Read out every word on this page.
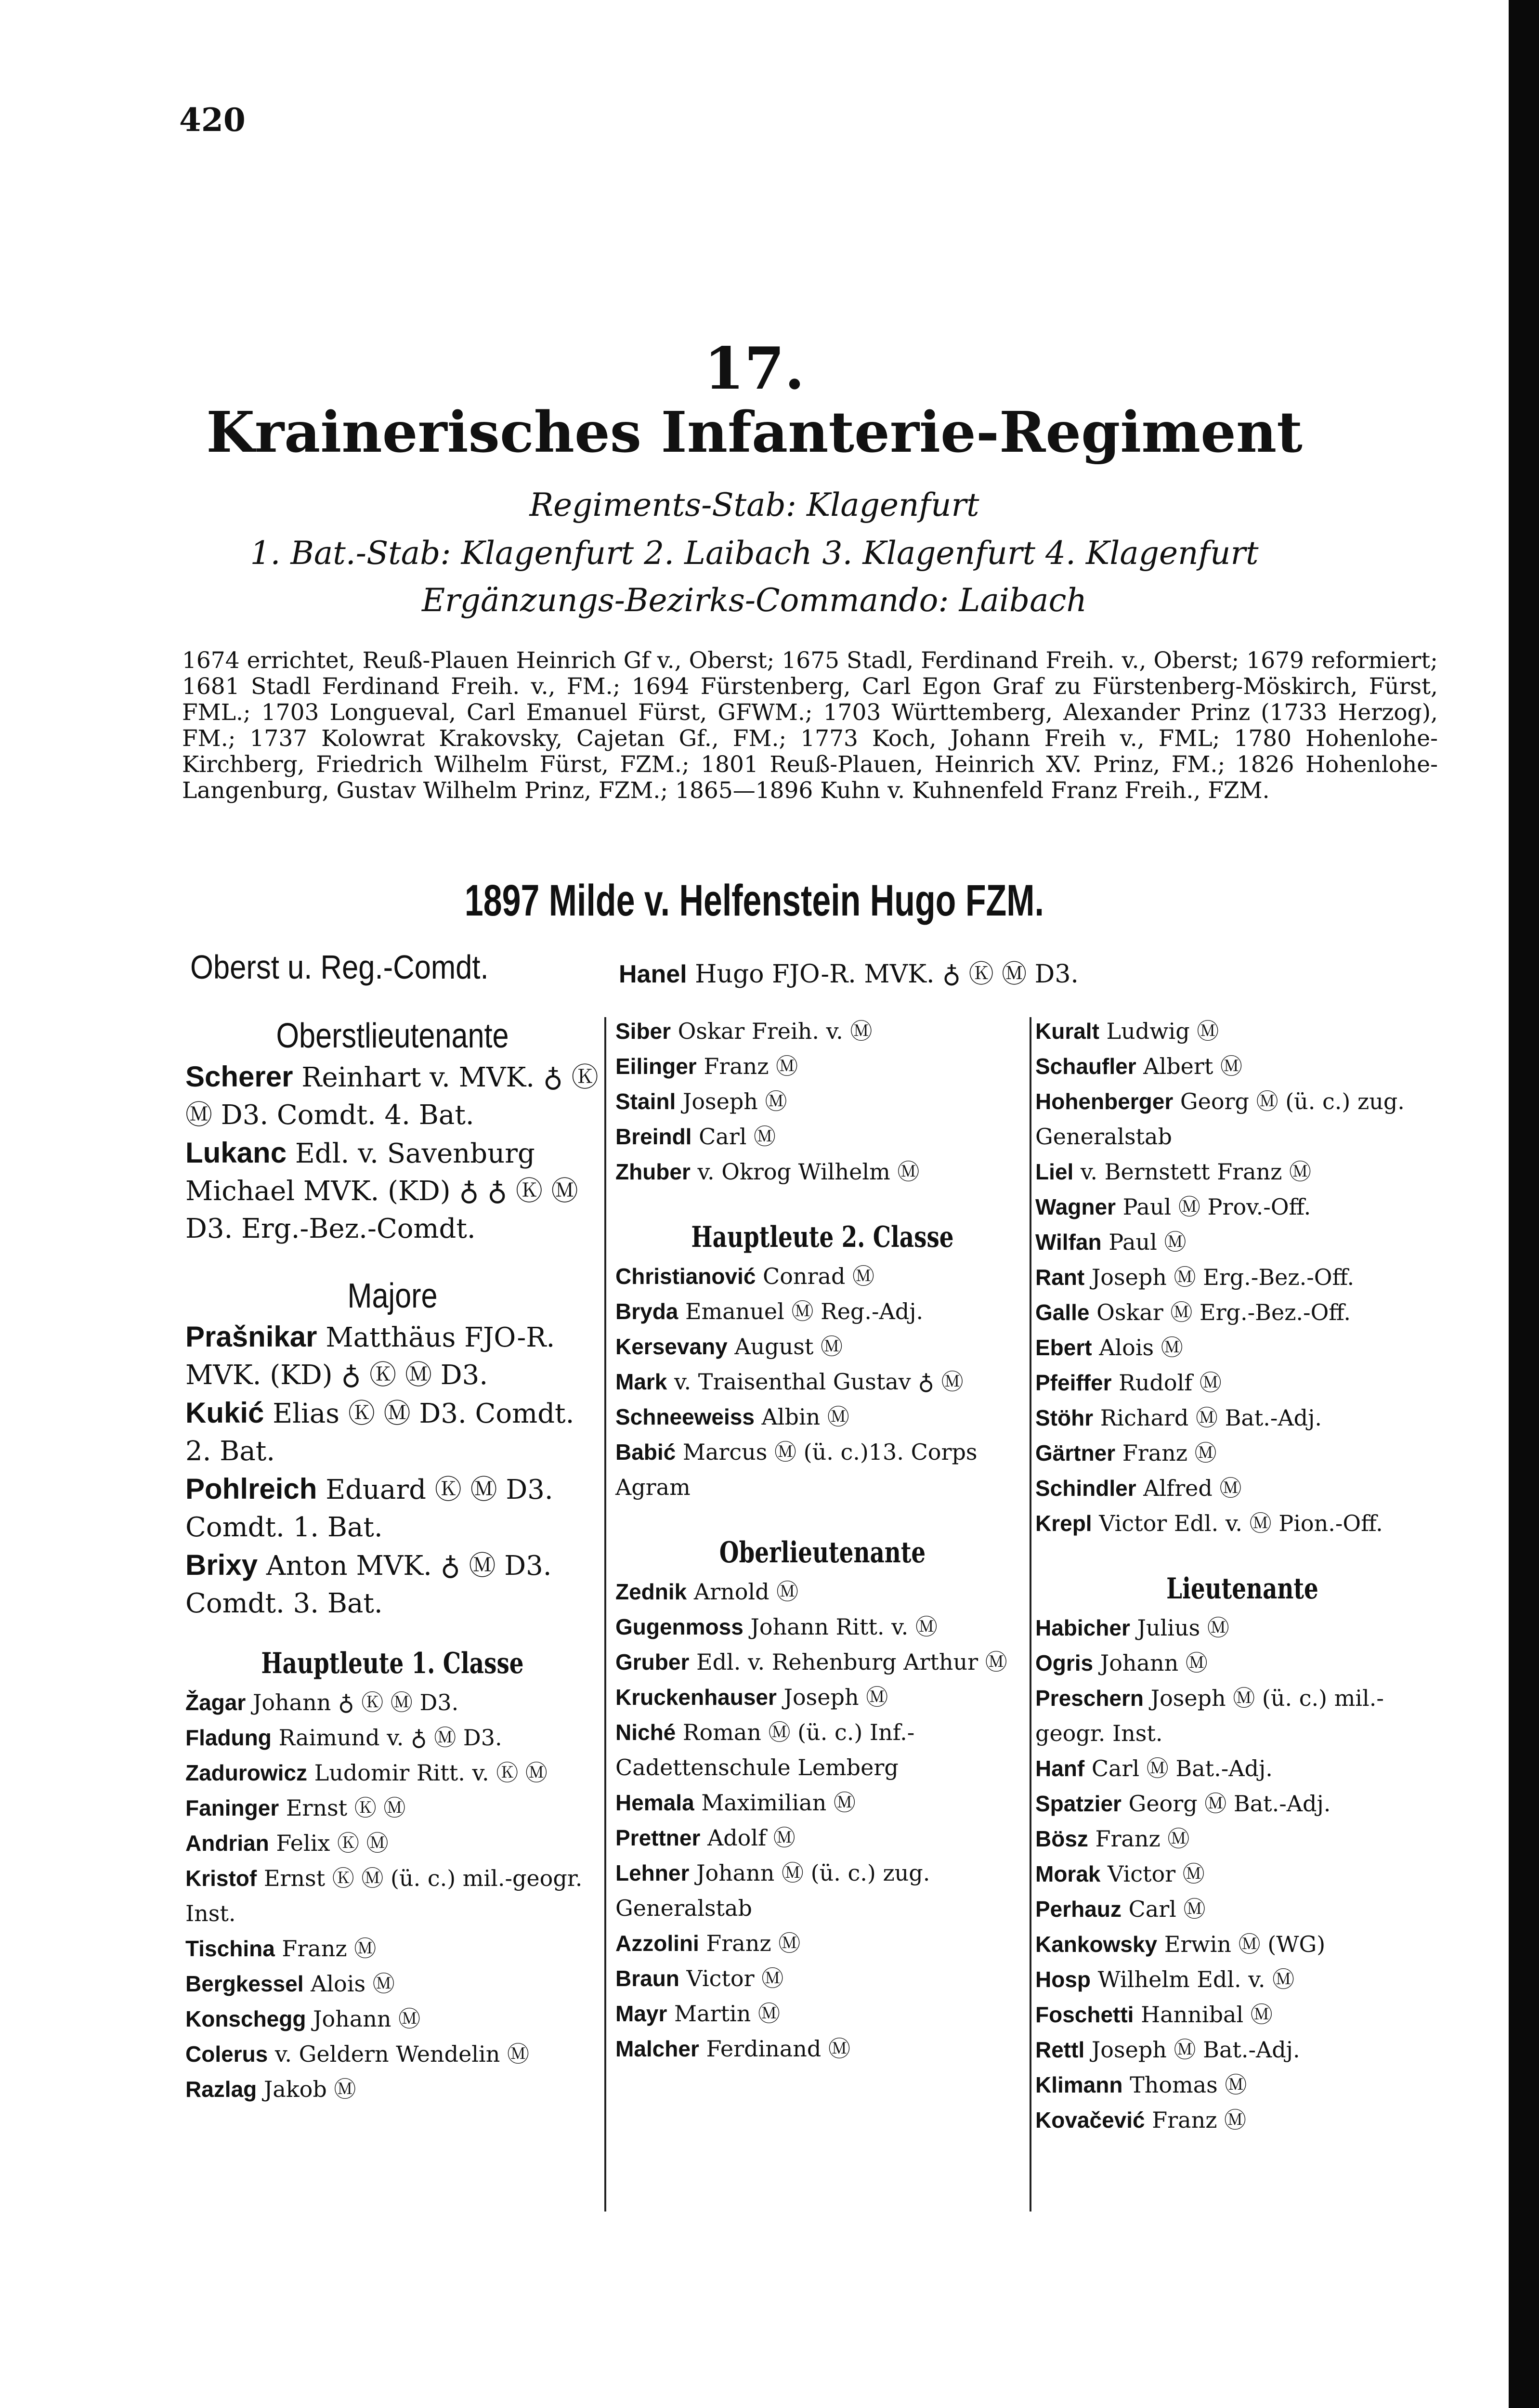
420
17.
Krainerisches Infanterie-Regiment
Regiments-Stab: Klagenfurt
1. Bat.-Stab: Klagenfurt 2. Laibach 3. Klagenfurt 4. Klagenfurt
Ergänzungs-Bezirks-Commando: Laibach
1674 errichtet, Reuß-Plauen Heinrich Gf v., Oberst; 1675 Stadl, Ferdinand Freih. v., Oberst; 1679 reformiert; 1681 Stadl Ferdinand Freih. v., FM.; 1694 Fürstenberg, Carl Egon Graf zu Fürstenberg-Möskirch, Fürst, FML.; 1703 Longueval, Carl Emanuel Fürst, GFWM.; 1703 Württemberg, Alexander Prinz (1733 Herzog), FM.; 1737 Kolowrat Krakovsky, Cajetan Gf., FM.; 1773 Koch, Johann Freih v., FML; 1780 Hohenlohe-Kirchberg, Friedrich Wilhelm Fürst, FZM.; 1801 Reuß-Plauen, Heinrich XV. Prinz, FM.; 1826 Hohenlohe-Langenburg, Gustav Wilhelm Prinz, FZM.; 1865—1896 Kuhn v. Kuhnenfeld Franz Freih., FZM.
1897 Milde v. Helfenstein Hugo FZM.
Oberst u. Reg.-Comdt.	Hanel Hugo FJO-R. MVK. ♁ Ⓚ Ⓜ D3.
Oberstlieutenante
Scherer Reinhart v. MVK. ♁ Ⓚ Ⓜ D3. Comdt. 4. Bat.
Lukanc Edl. v. Savenburg Michael MVK. (KD) ♁ ♁ Ⓚ Ⓜ D3. Erg.-Bez.-Comdt.
Majore
Prašnikar Matthäus FJO-R. MVK. (KD) ♁ Ⓚ Ⓜ D3.
Kukić Elias Ⓚ Ⓜ D3. Comdt. 2. Bat.
Pohlreich Eduard Ⓚ Ⓜ D3. Comdt. 1. Bat.
Brixy Anton MVK. ♁ Ⓜ D3. Comdt. 3. Bat.
Hauptleute 1. Classe
Žagar Johann ♁ Ⓚ Ⓜ D3.
Fladung Raimund v. ♁ Ⓜ D3.
Zadurowicz Ludomir Ritt. v. Ⓚ Ⓜ
Faninger Ernst Ⓚ Ⓜ
Andrian Felix Ⓚ Ⓜ
Kristof Ernst Ⓚ Ⓜ (ü. c.) mil.-geogr. Inst.
Tischina Franz Ⓜ
Bergkessel Alois Ⓜ
Konschegg Johann Ⓜ
Colerus v. Geldern Wendelin Ⓜ
Razlag Jakob Ⓜ
Siber Oskar Freih. v. Ⓜ
Eilinger Franz Ⓜ
Stainl Joseph Ⓜ
Breindl Carl Ⓜ
Zhuber v. Okrog Wilhelm Ⓜ
Hauptleute 2. Classe
Christianović Conrad Ⓜ
Bryda Emanuel Ⓜ Reg.-Adj.
Kersevany August Ⓜ
Mark v. Traisenthal Gustav ♁ Ⓜ
Schneeweiss Albin Ⓜ
Babić Marcus Ⓜ (ü. c.)13. Corps Agram
Oberlieutenante
Zednik Arnold Ⓜ
Gugenmoss Johann Ritt. v. Ⓜ
Gruber Edl. v. Rehenburg Arthur Ⓜ
Kruckenhauser Joseph Ⓜ
Niché Roman Ⓜ (ü. c.) Inf.-Cadettenschule Lemberg
Hemala Maximilian Ⓜ
Prettner Adolf Ⓜ
Lehner Johann Ⓜ (ü. c.) zug. Generalstab
Azzolini Franz Ⓜ
Braun Victor Ⓜ
Mayr Martin Ⓜ
Malcher Ferdinand Ⓜ
Kuralt Ludwig Ⓜ
Schaufler Albert Ⓜ
Hohenberger Georg Ⓜ (ü. c.) zug. Generalstab
Liel v. Bernstett Franz Ⓜ
Wagner Paul Ⓜ Prov.-Off.
Wilfan Paul Ⓜ
Rant Joseph Ⓜ Erg.-Bez.-Off.
Galle Oskar Ⓜ Erg.-Bez.-Off.
Ebert Alois Ⓜ
Pfeiffer Rudolf Ⓜ
Stöhr Richard Ⓜ Bat.-Adj.
Gärtner Franz Ⓜ
Schindler Alfred Ⓜ
Krepl Victor Edl. v. Ⓜ Pion.-Off.
Lieutenante
Habicher Julius Ⓜ
Ogris Johann Ⓜ
Preschern Joseph Ⓜ (ü. c.) mil.-geogr. Inst.
Hanf Carl Ⓜ Bat.-Adj.
Spatzier Georg Ⓜ Bat.-Adj.
Bösz Franz Ⓜ
Morak Victor Ⓜ
Perhauz Carl Ⓜ
Kankowsky Erwin Ⓜ (WG)
Hosp Wilhelm Edl. v. Ⓜ
Foschetti Hannibal Ⓜ
Rettl Joseph Ⓜ Bat.-Adj.
Klimann Thomas Ⓜ
Kovačević Franz Ⓜ
